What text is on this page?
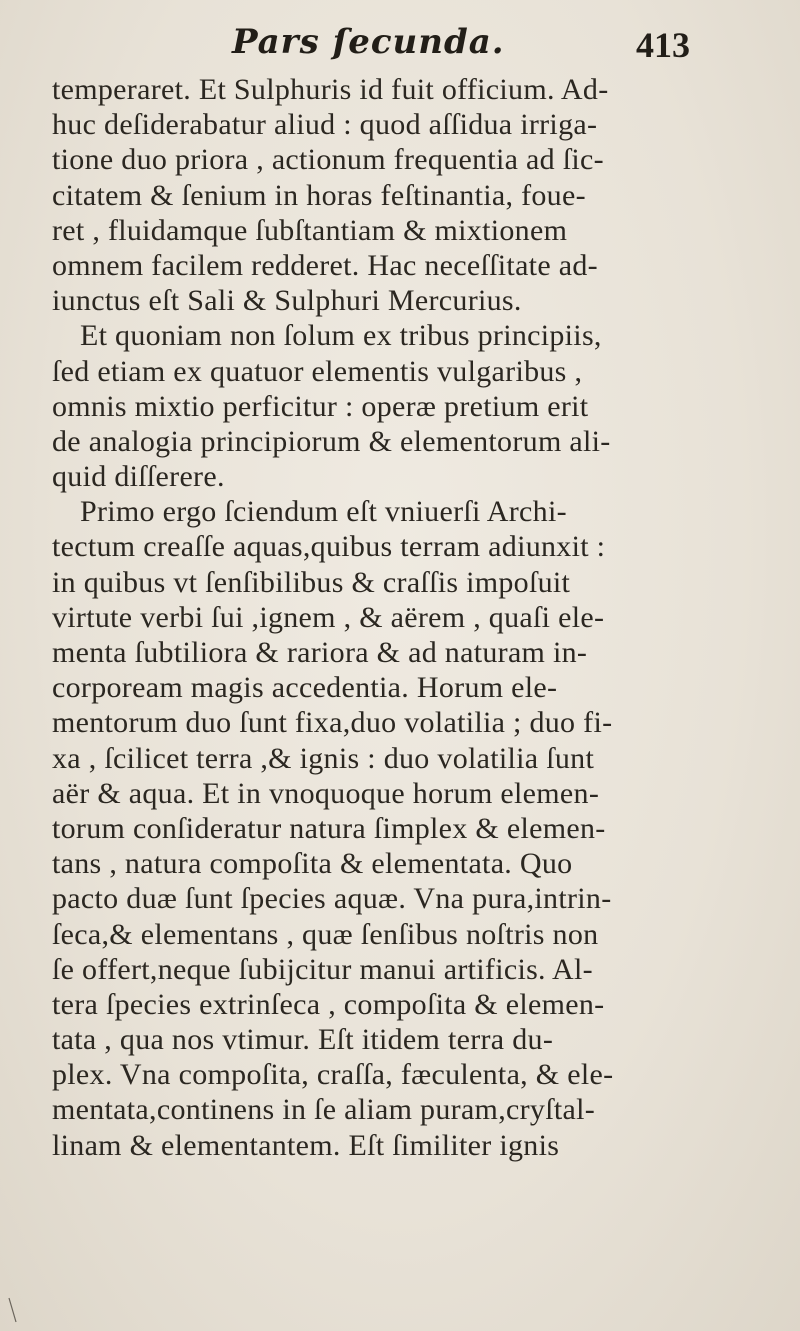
Pars ſecunda.	413
temperaret. Et Sulphuris id fuit officium. Ad-
huc deſiderabatur aliud : quod aſſidua irriga-
tione duo priora , actionum frequentia ad ſic-
citatem & ſenium in horas feſtinantia, foue-
ret , fluidamque ſubſtantiam & mixtionem
omnem facilem redderet. Hac neceſſitate ad-
iunctus eſt Sali & Sulphuri Mercurius.
Et quoniam non ſolum ex tribus principiis,
ſed etiam ex quatuor elementis vulgaribus ,
omnis mixtio perficitur : operæ pretium erit
de analogia principiorum & elementorum ali-
quid diſſerere.
Primo ergo ſciendum eſt vniuerſi Archi-
tectum creaſſe aquas,quibus terram adiunxit :
in quibus vt ſenſibilibus & craſſis impoſuit
virtute verbi ſui ,ignem , & aërem , quaſi ele-
menta ſubtiliora & rariora & ad naturam in-
corpoream magis accedentia. Horum ele-
mentorum duo ſunt fixa,duo volatilia ; duo fi-
xa , ſcilicet terra ,& ignis : duo volatilia ſunt
aër & aqua. Et in vnoquoque horum elemen-
torum conſideratur natura ſimplex & elemen-
tans , natura compoſita & elementata. Quo
pacto duæ ſunt ſpecies aquæ. Vna pura,intrin-
ſeca,& elementans , quæ ſenſibus noſtris non
ſe offert,neque ſubijcitur manui artificis. Al-
tera ſpecies extrinſeca , compoſita & elemen-
tata , qua nos vtimur. Eſt itidem terra du-
plex. Vna compoſita, craſſa, fæculenta, & ele-
mentata,continens in ſe aliam puram,cryſtal-
linam & elementantem. Eſt ſimiliter ignis
